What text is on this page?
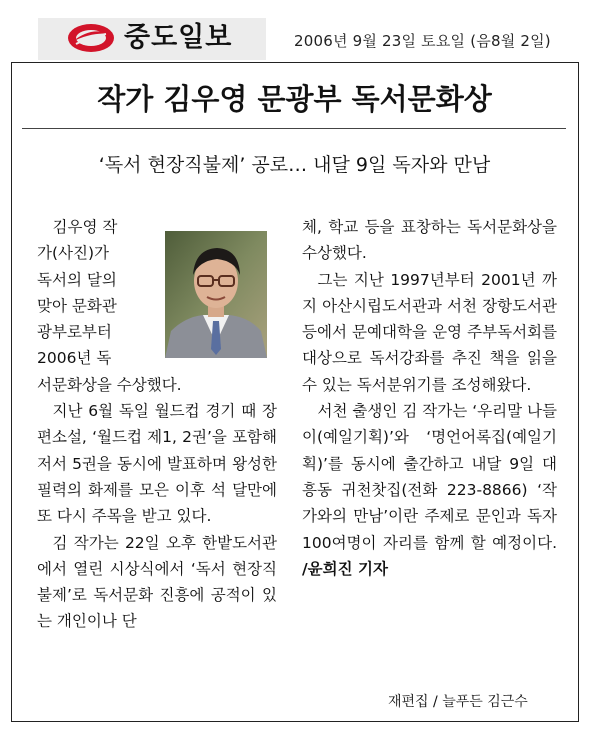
중도일보	2006년 9월 23일 토요일 (음8월 2일)
작가 김우영 문광부 독서문화상
‘독서 현장직불제’ 공로… 내달 9일 독자와 만남
김우영 작
가(사진)가
독서의 달의
맞아 문화관
광부로부터
2006년 독

서문화상을 수상했다.

지난 6월 독일 월드컵 경기 때 장편소설, ‘월드컵 제1, 2권’을 포함해 저서 5권을 동시에 발표하며 왕성한 필력의 화제를 모은 이후 석 달만에 또 다시 주목을 받고 있다.

김 작가는 22일 오후 한밭도서관에서 열린 시상식에서 ‘독서 현장직불제’로 독서문화 진흥에 공적이 있는 개인이나 단

체, 학교 등을 표창하는 독서문화상을 수상했다.

그는 지난 1997년부터 2001년 까지 아산시립도서관과 서천 장항도서관 등에서 문예대학을 운영 주부독서회를 대상으로 독서강좌를 추진 책을 읽을 수 있는 독서분위기를 조성해왔다.

서천 출생인 김 작가는 ‘우리말 나들이(예일기획)’와 ‘명언어록집(예일기획)’를 동시에 출간하고 내달 9일 대흥동 귀천찻집(전화 223-8866) ‘작가와의 만남’이란 주제로 문인과 독자 100여명이 자리를 함께 할 예정이다. /윤희진 기자

재편집 / 늘푸든 김근수
